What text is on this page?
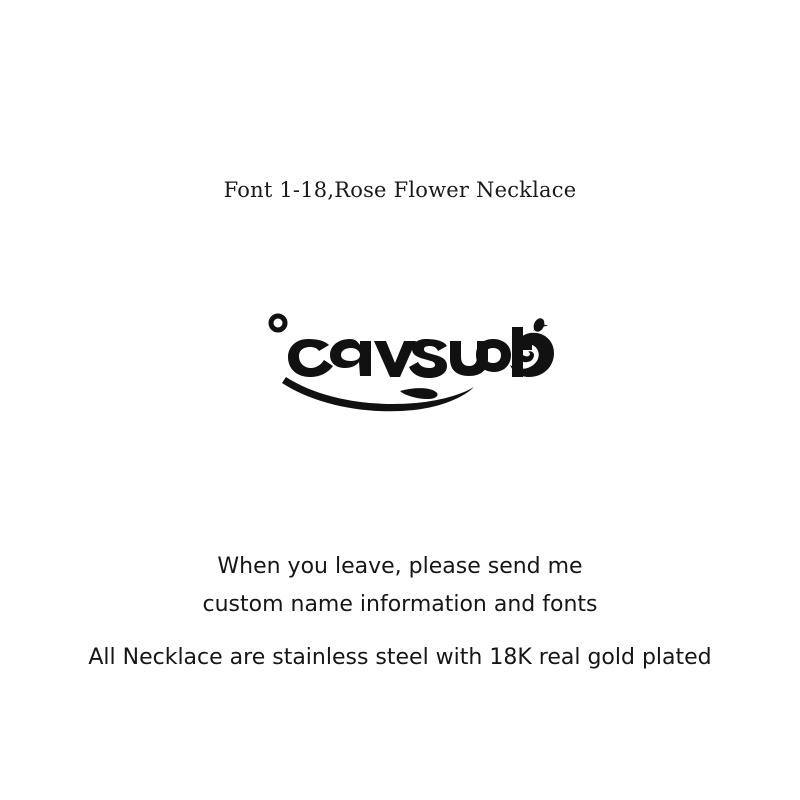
Font 1-18,Rose Flower Necklace
When you leave, please send me
custom name information and fonts
All Necklace are stainless steel with 18K real gold plated
